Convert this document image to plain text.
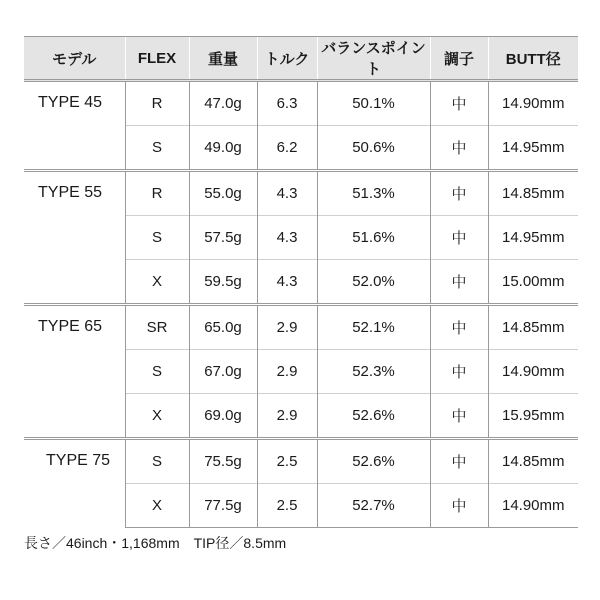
モデル	FLEX	重量	トルク	バランスポイント	調子	BUTT径

TYPE 45	R	47.0g	6.3	50.1%	中	14.90mm
	S	49.0g	6.2	50.6%	中	14.95mm

TYPE 55	R	55.0g	4.3	51.3%	中	14.85mm
	S	57.5g	4.3	51.6%	中	14.95mm
	X	59.5g	4.3	52.0%	中	15.00mm

TYPE 65	SR	65.0g	2.9	52.1%	中	14.85mm
	S	67.0g	2.9	52.3%	中	14.90mm
	X	69.0g	2.9	52.6%	中	15.95mm

TYPE 75	S	75.5g	2.5	52.6%	中	14.85mm
	X	77.5g	2.5	52.7%	中	14.90mm
長さ／46inch・1,168mm　TIP径／8.5mm
